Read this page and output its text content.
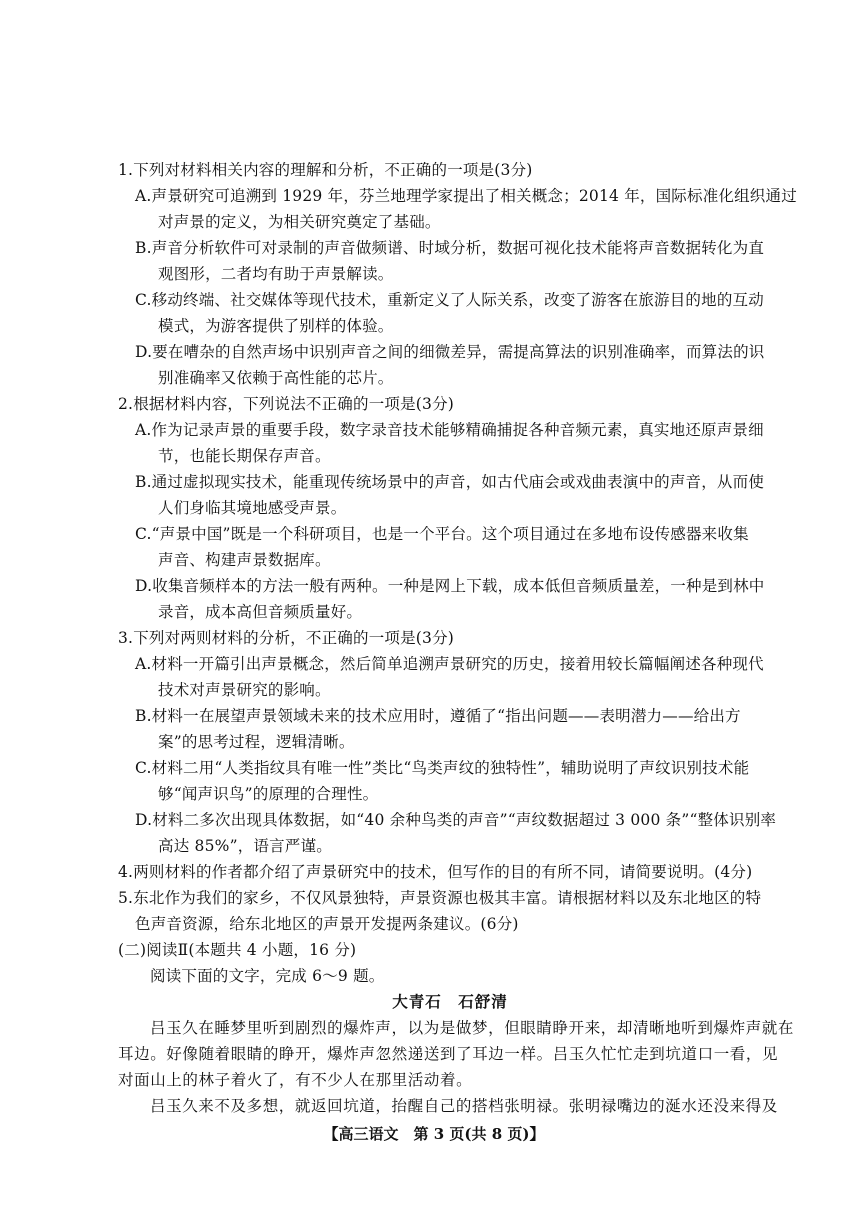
1.下列对材料相关内容的理解和分析，不正确的一项是(3分)
A.声景研究可追溯到 1929 年，芬兰地理学家提出了相关概念；2014 年，国际标准化组织通过
对声景的定义，为相关研究奠定了基础。
B.声音分析软件可对录制的声音做频谱、时域分析，数据可视化技术能将声音数据转化为直
观图形，二者均有助于声景解读。
C.移动终端、社交媒体等现代技术，重新定义了人际关系，改变了游客在旅游目的地的互动
模式，为游客提供了别样的体验。
D.要在嘈杂的自然声场中识别声音之间的细微差异，需提高算法的识别准确率，而算法的识
别准确率又依赖于高性能的芯片。
2.根据材料内容，下列说法不正确的一项是(3分)
A.作为记录声景的重要手段，数字录音技术能够精确捕捉各种音频元素，真实地还原声景细
节，也能长期保存声音。
B.通过虚拟现实技术，能重现传统场景中的声音，如古代庙会或戏曲表演中的声音，从而使
人们身临其境地感受声景。
C.“声景中国”既是一个科研项目，也是一个平台。这个项目通过在多地布设传感器来收集
声音、构建声景数据库。
D.收集音频样本的方法一般有两种。一种是网上下载，成本低但音频质量差，一种是到林中
录音，成本高但音频质量好。
3.下列对两则材料的分析，不正确的一项是(3分)
A.材料一开篇引出声景概念，然后简单追溯声景研究的历史，接着用较长篇幅阐述各种现代
技术对声景研究的影响。
B.材料一在展望声景领域未来的技术应用时，遵循了“指出问题——表明潜力——给出方
案”的思考过程，逻辑清晰。
C.材料二用“人类指纹具有唯一性”类比“鸟类声纹的独特性”，辅助说明了声纹识别技术能
够“闻声识鸟”的原理的合理性。
D.材料二多次出现具体数据，如“40 余种鸟类的声音”“声纹数据超过 3 000 条”“整体识别率
高达 85%”，语言严谨。
4.两则材料的作者都介绍了声景研究中的技术，但写作的目的有所不同，请简要说明。(4分)
5.东北作为我们的家乡，不仅风景独特，声景资源也极其丰富。请根据材料以及东北地区的特
色声音资源，给东北地区的声景开发提两条建议。(6分)
(二)阅读Ⅱ(本题共 4 小题，16 分)
阅读下面的文字，完成 6～9 题。
大青石　石舒清
吕玉久在睡梦里听到剧烈的爆炸声，以为是做梦，但眼睛睁开来，却清晰地听到爆炸声就在
耳边。好像随着眼睛的睁开，爆炸声忽然递送到了耳边一样。吕玉久忙忙走到坑道口一看，见
对面山上的林子着火了，有不少人在那里活动着。
吕玉久来不及多想，就返回坑道，抬醒自己的搭档张明禄。张明禄嘴边的涎水还没来得及
【高三语文　第 3 页(共 8 页)】
